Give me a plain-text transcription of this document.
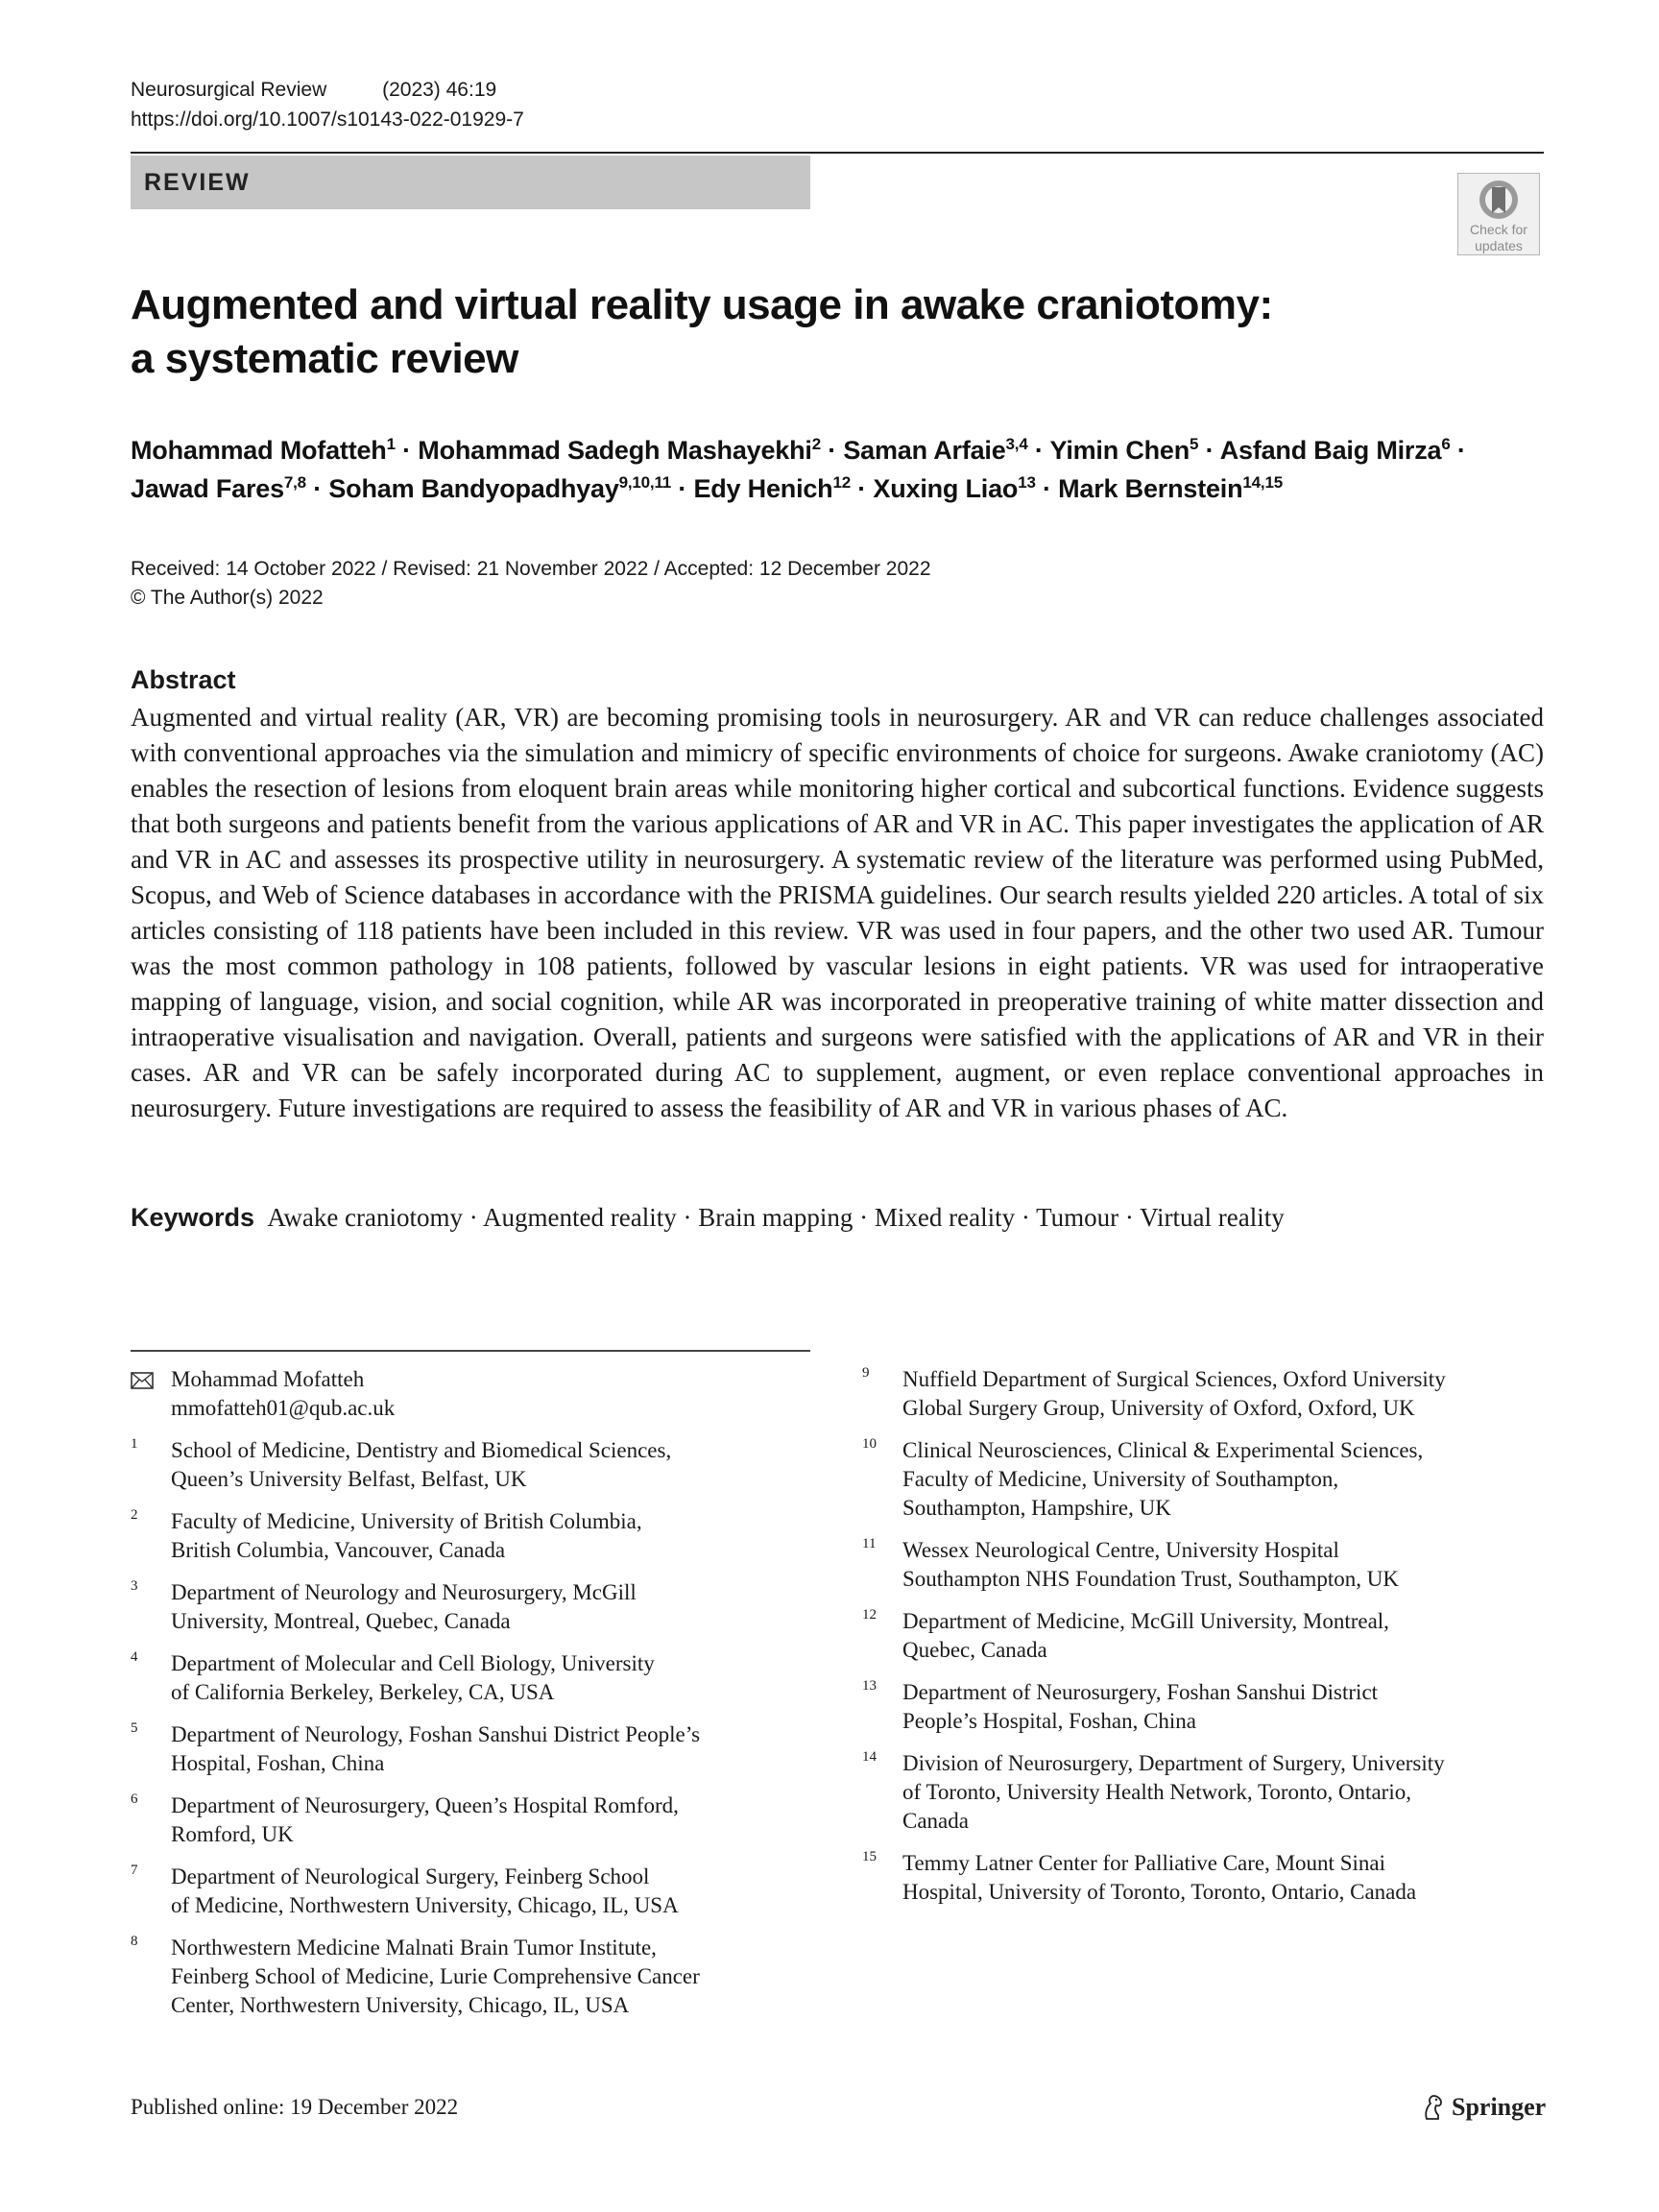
Neurosurgical Review	(2023) 46:19
https://doi.org/10.1007/s10143-022-01929-7
REVIEW
Check for
updates
Augmented and virtual reality usage in awake craniotomy:
a systematic review
Mohammad Mofatteh$^1$ · Mohammad Sadegh Mashayekhi$^2$ · Saman Arfaie$^{3,4}$ · Yimin Chen$^5$ · Asfand Baig Mirza$^6$ ·
Jawad Fares$^{7,8}$ · Soham Bandyopadhyay$^{9,10,11}$ · Edy Henich$^{12}$ · Xuxing Liao$^{13}$ · Mark Bernstein$^{14,15}$
Received: 14 October 2022 / Revised: 21 November 2022 / Accepted: 12 December 2022
© The Author(s) 2022
Abstract
Augmented and virtual reality (AR, VR) are becoming promising tools in neurosurgery. AR and VR can reduce challenges associated with conventional approaches via the simulation and mimicry of specific environments of choice for surgeons. Awake craniotomy (AC) enables the resection of lesions from eloquent brain areas while monitoring higher cortical and subcortical functions. Evidence suggests that both surgeons and patients benefit from the various applications of AR and VR in AC. This paper investigates the application of AR and VR in AC and assesses its prospective utility in neurosurgery. A systematic review of the literature was performed using PubMed, Scopus, and Web of Science databases in accordance with the PRISMA guidelines. Our search results yielded 220 articles. A total of six articles consisting of 118 patients have been included in this review. VR was used in four papers, and the other two used AR. Tumour was the most common pathology in 108 patients, followed by vascular lesions in eight patients. VR was used for intraoperative mapping of language, vision, and social cognition, while AR was incorporated in preoperative training of white matter dissection and intraoperative visualisation and navigation. Overall, patients and surgeons were satisfied with the applications of AR and VR in their cases. AR and VR can be safely incorporated during AC to supplement, augment, or even replace conventional approaches in neurosurgery. Future investigations are required to assess the feasibility of AR and VR in various phases of AC.
Keywords Awake craniotomy · Augmented reality · Brain mapping · Mixed reality · Tumour · Virtual reality
Mohammad Mofatteh
mmofatteh01@qub.ac.uk
1 School of Medicine, Dentistry and Biomedical Sciences,
Queen’s University Belfast, Belfast, UK
2 Faculty of Medicine, University of British Columbia,
British Columbia, Vancouver, Canada
3 Department of Neurology and Neurosurgery, McGill
University, Montreal, Quebec, Canada
4 Department of Molecular and Cell Biology, University
of California Berkeley, Berkeley, CA, USA
5 Department of Neurology, Foshan Sanshui District People’s
Hospital, Foshan, China
6 Department of Neurosurgery, Queen’s Hospital Romford,
Romford, UK
7 Department of Neurological Surgery, Feinberg School
of Medicine, Northwestern University, Chicago, IL, USA
8 Northwestern Medicine Malnati Brain Tumor Institute,
Feinberg School of Medicine, Lurie Comprehensive Cancer
Center, Northwestern University, Chicago, IL, USA
9 Nuffield Department of Surgical Sciences, Oxford University
Global Surgery Group, University of Oxford, Oxford, UK
10 Clinical Neurosciences, Clinical & Experimental Sciences,
Faculty of Medicine, University of Southampton,
Southampton, Hampshire, UK
11 Wessex Neurological Centre, University Hospital
Southampton NHS Foundation Trust, Southampton, UK
12 Department of Medicine, McGill University, Montreal,
Quebec, Canada
13 Department of Neurosurgery, Foshan Sanshui District
People’s Hospital, Foshan, China
14 Division of Neurosurgery, Department of Surgery, University
of Toronto, University Health Network, Toronto, Ontario,
Canada
15 Temmy Latner Center for Palliative Care, Mount Sinai
Hospital, University of Toronto, Toronto, Ontario, Canada
Published online: 19 December 2022	Springer
